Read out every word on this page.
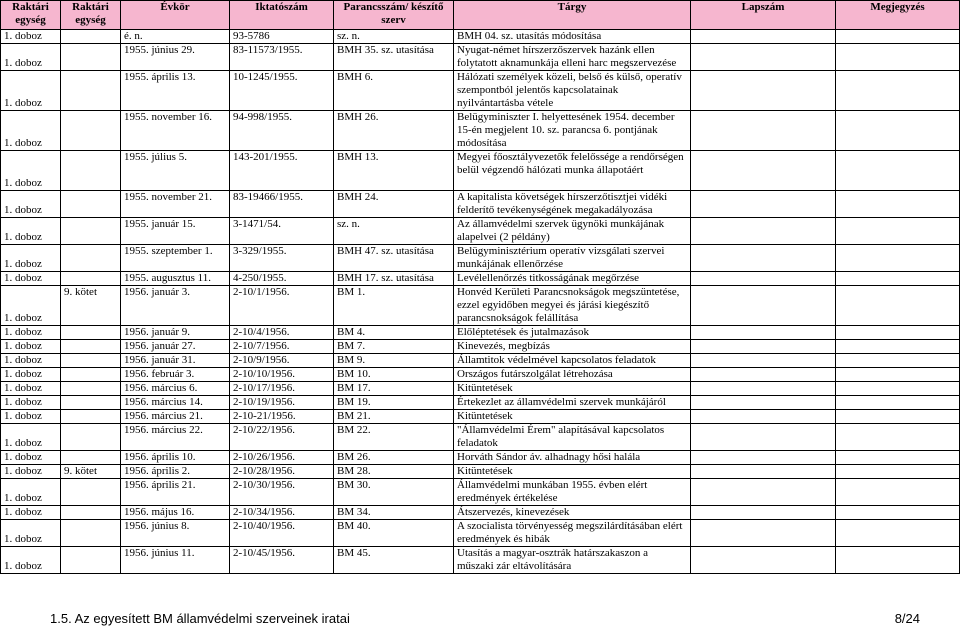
Raktári egység	Raktári egység	Évkör	Iktatószám	Parancsszám/ készítő szerv	Tárgy	Lapszám	Megjegyzés
1. doboz		é. n.	93-5786	sz. n.	BMH 04. sz. utasítás módosítása		
1. doboz		1955. június 29.	83-11573/1955.	BMH 35. sz. utasítása	Nyugat-német hírszerzőszervek hazánk ellen folytatott aknamunkája elleni harc megszervezése		
1. doboz		1955. április 13.	10-1245/1955.	BMH 6.	Hálózati személyek közeli, belső és külső, operatív szempontból jelentős kapcsolatainak nyilvántartásba vétele		
1. doboz		1955. november 16.	94-998/1955.	BMH 26.	Belügyminiszter I. helyettesének 1954. december 15-én megjelent 10. sz. parancsa 6. pontjának módosítása		
1. doboz		1955. július 5.	143-201/1955.	BMH 13.	Megyei főosztályvezetők felelőssége a rendőrségen belül végzendő hálózati munka állapotáért		
1. doboz		1955. november 21.	83-19466/1955.	BMH 24.	A kapitalista követségek hírszerzőtisztjei vidéki felderítő tevékenységének megakadályozása		
1. doboz		1955. január 15.	3-1471/54.	sz. n.	Az államvédelmi szervek ügynöki munkájának alapelvei (2 példány)		
1. doboz		1955. szeptember 1.	3-329/1955.	BMH 47. sz. utasítása	Belügyminisztérium operatív vizsgálati szervei munkájának ellenőrzése		
1. doboz		1955. augusztus 11.	4-250/1955.	BMH 17. sz. utasítása	Levélellenőrzés titkosságának megőrzése		
1. doboz	9. kötet	1956. január 3.	2-10/1/1956.	BM 1.	Honvéd Kerületi Parancsnokságok megszüntetése, ezzel egyidőben megyei és járási kiegészítő parancsnokságok felállítása		
1. doboz		1956. január 9.	2-10/4/1956.	BM 4.	Előléptetések és jutalmazások		
1. doboz		1956. január 27.	2-10/7/1956.	BM 7.	Kinevezés, megbízás		
1. doboz		1956. január 31.	2-10/9/1956.	BM 9.	Államtitok védelmével kapcsolatos feladatok		
1. doboz		1956. február 3.	2-10/10/1956.	BM 10.	Országos futárszolgálat létrehozása		
1. doboz		1956. március 6.	2-10/17/1956.	BM 17.	Kitüntetések		
1. doboz		1956. március 14.	2-10/19/1956.	BM 19.	Értekezlet az államvédelmi szervek munkájáról		
1. doboz		1956. március 21.	2-10-21/1956.	BM 21.	Kitüntetések		
1. doboz		1956. március 22.	2-10/22/1956.	BM 22.	"Államvédelmi Érem" alapításával kapcsolatos feladatok		
1. doboz		1956. április 10.	2-10/26/1956.	BM 26.	Horváth Sándor áv. alhadnagy hősi halála		
1. doboz	9. kötet	1956. április 2.	2-10/28/1956.	BM 28.	Kitüntetések		
1. doboz		1956. április 21.	2-10/30/1956.	BM 30.	Államvédelmi munkában 1955. évben elért eredmények értékelése		
1. doboz		1956. május 16.	2-10/34/1956.	BM 34.	Átszervezés, kinevezések		
1. doboz		1956. június 8.	2-10/40/1956.	BM 40.	A szocialista törvényesség megszilárdításában elért eredmények és hibák		
1. doboz		1956. június 11.	2-10/45/1956.	BM 45.	Utasítás a magyar-osztrák határszakaszon a műszaki zár eltávolítására		
1.5. Az egyesített BM államvédelmi szerveinek iratai	8/24
